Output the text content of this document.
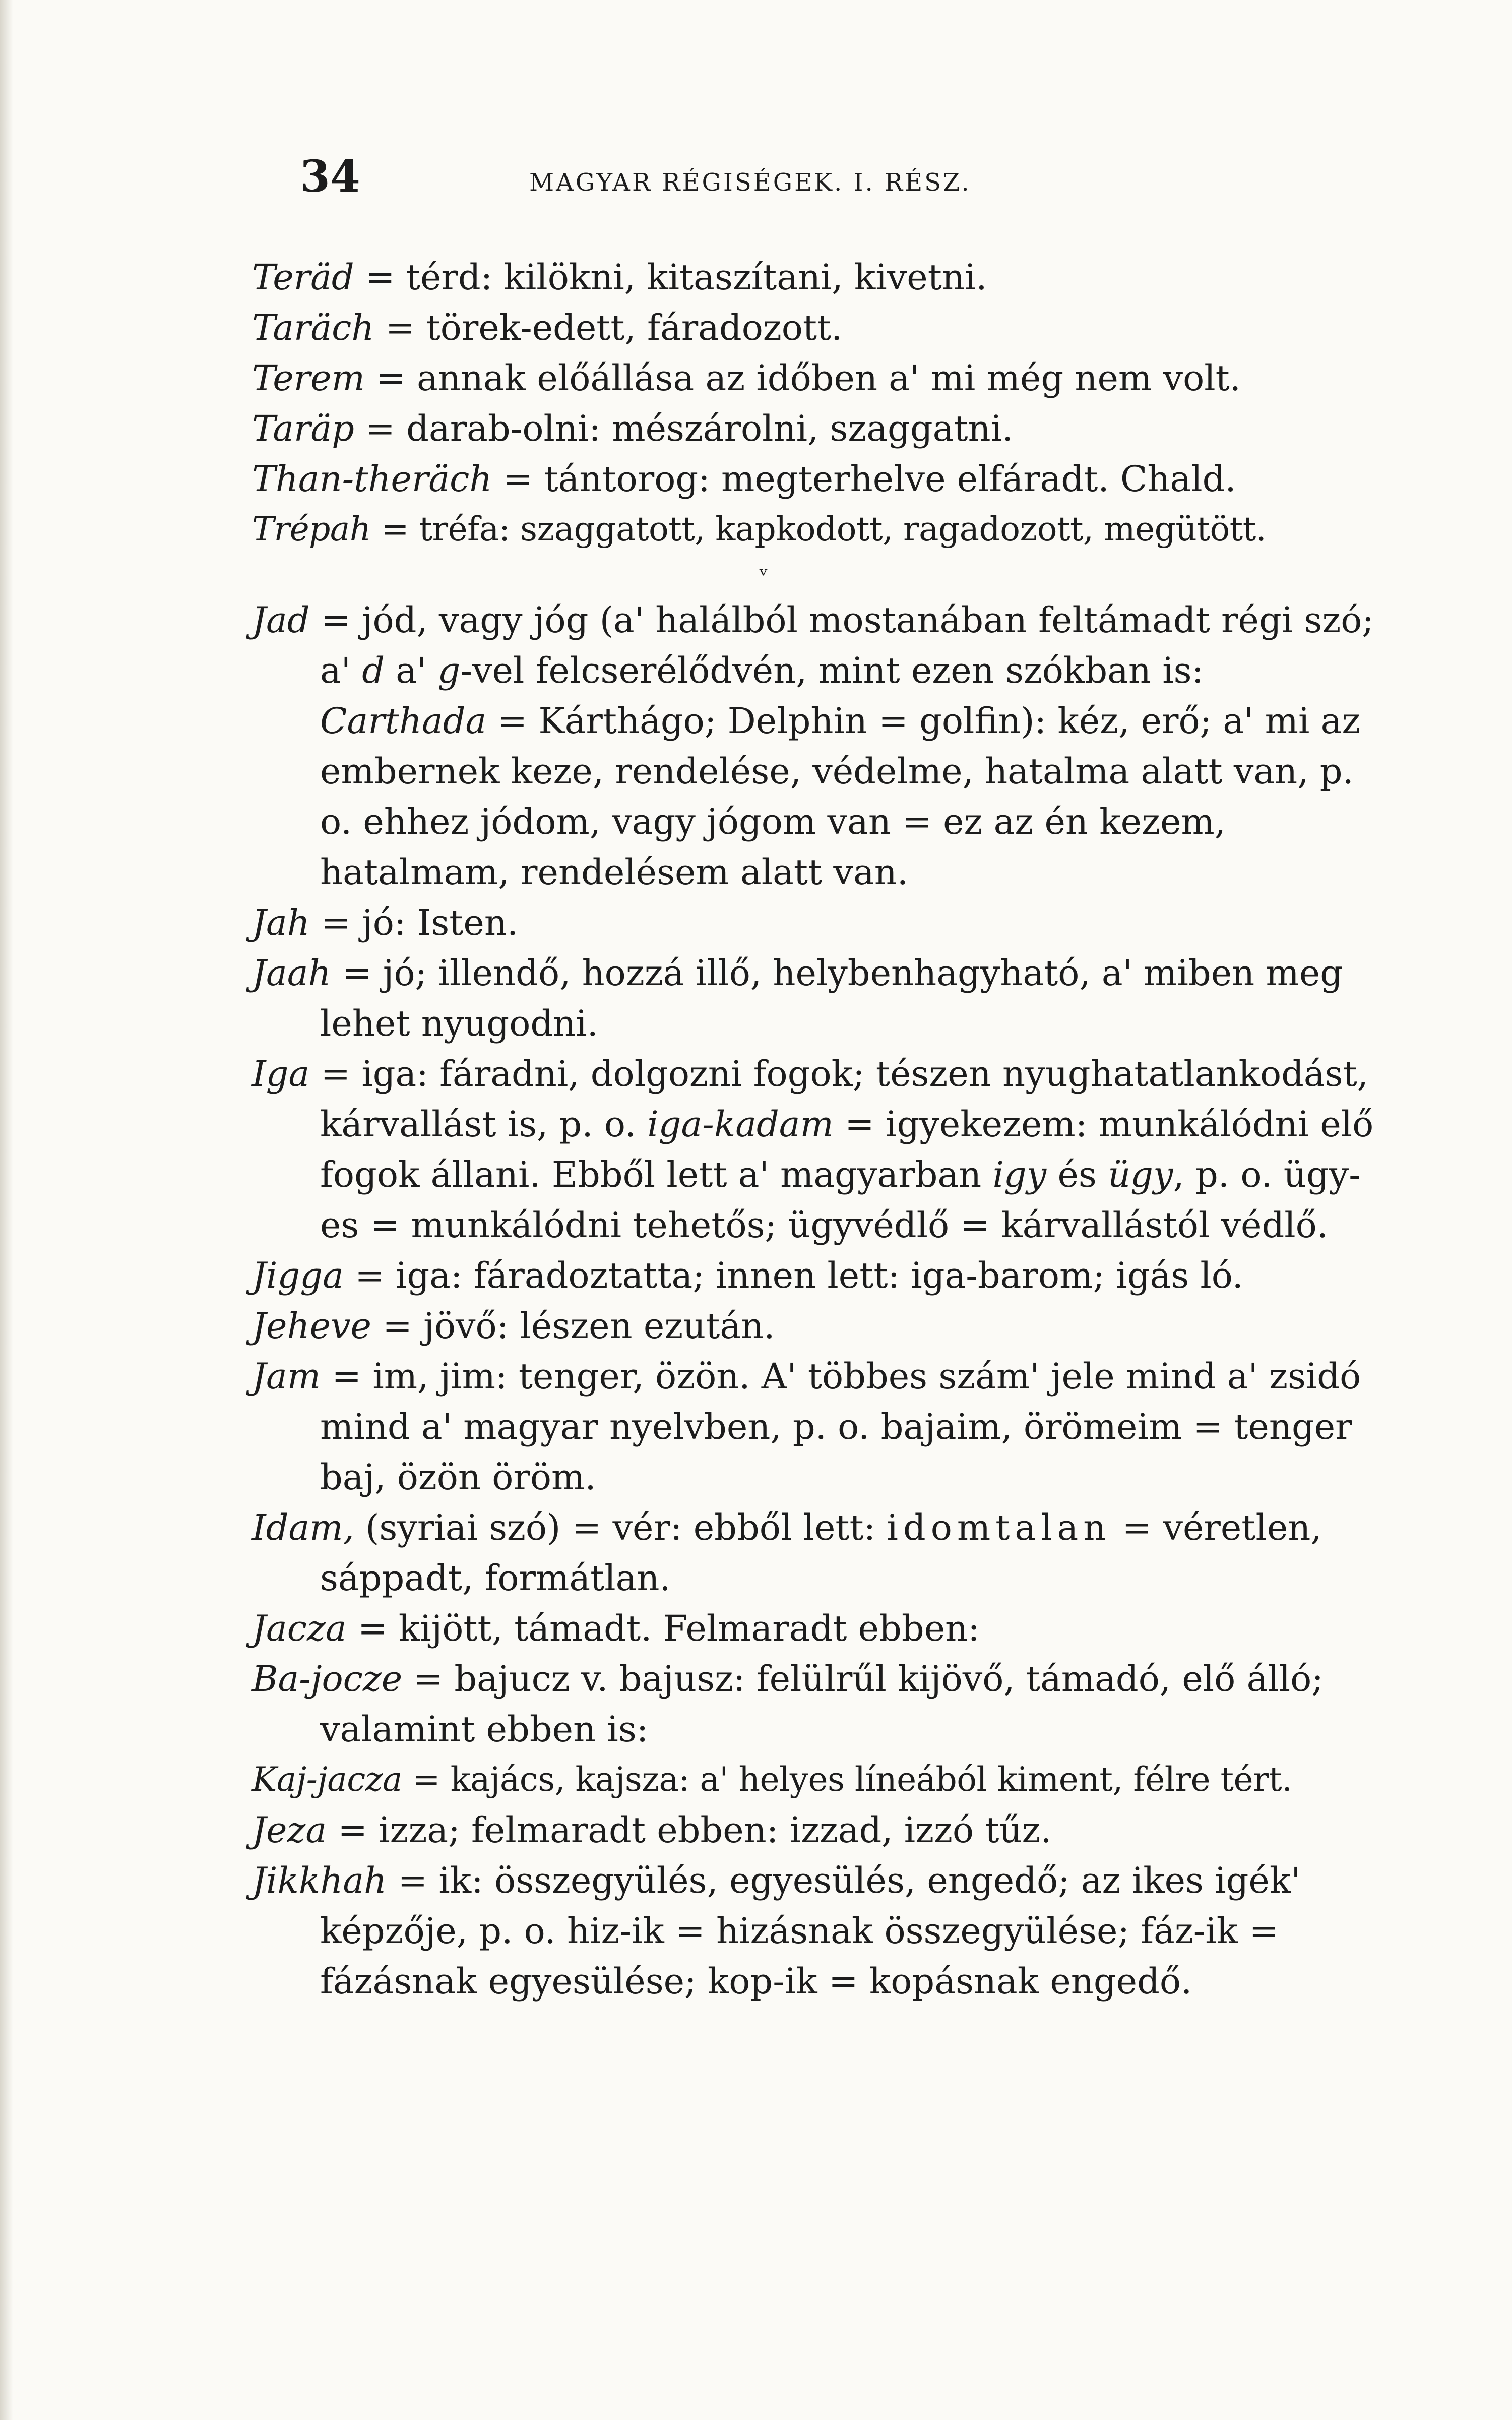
34	MAGYAR RÉGISÉGEK. I. RÉSZ.

Teräd = térd: kilökni, kitaszítani, kivetni.

Taräch = törek-edett, fáradozott.

Terem = annak előállása az időben a' mi még nem volt.

Taräp = darab-olni: mészárolni, szaggatni.

Than-theräch = tántorog: megterhelve elfáradt. Chald.

Trépah = tréfa: szaggatott, kapkodott, ragadozott, megütött.

ᵛ

Jad = jód, vagy jóg (a' halálból mostanában feltámadt régi szó; a' d a' g-vel felcserélődvén, mint ezen szókban is: Carthada = Kárthágo; Delphin = golfin): kéz, erő; a' mi az embernek keze, rendelése, védelme, hatalma alatt van, p. o. ehhez jódom, vagy jógom van = ez az én kezem, hatalmam, rendelésem alatt van.

Jah = jó: Isten.

Jaah = jó; illendő, hozzá illő, helybenhagyható, a' miben meg lehet nyugodni.

Iga = iga: fáradni, dolgozni fogok; tészen nyughatatlankodást, kárvallást is, p. o. iga-kadam = igyekezem: munkálódni elő fogok állani. Ebből lett a' magyarban igy és ügy, p. o. ügy-es = munkálódni tehetős; ügyvédlő = kárvallástól védlő.

Jigga = iga: fáradoztatta; innen lett: iga-barom; igás ló.

Jeheve = jövő: lészen ezután.

Jam = im, jim: tenger, özön. A' többes szám' jele mind a' zsidó mind a' magyar nyelvben, p. o. bajaim, örömeim = tenger baj, özön öröm.

Idam, (syriai szó) = vér: ebből lett: idomtalan = véretlen, sáppadt, formátlan.

Jacza = kijött, támadt. Felmaradt ebben:

Ba-jocze = bajucz v. bajusz: felülrűl kijövő, támadó, elő álló; valamint ebben is:

Kaj-jacza = kajács, kajsza: a' helyes líneából kiment, félre tért.

Jeza = izza; felmaradt ebben: izzad, izzó tűz.

Jikkhah = ik: összegyülés, egyesülés, engedő; az ikes igék' képzője, p. o. hiz-ik = hizásnak összegyülése; fáz-ik = fázásnak egyesülése; kop-ik = kopásnak engedő.
